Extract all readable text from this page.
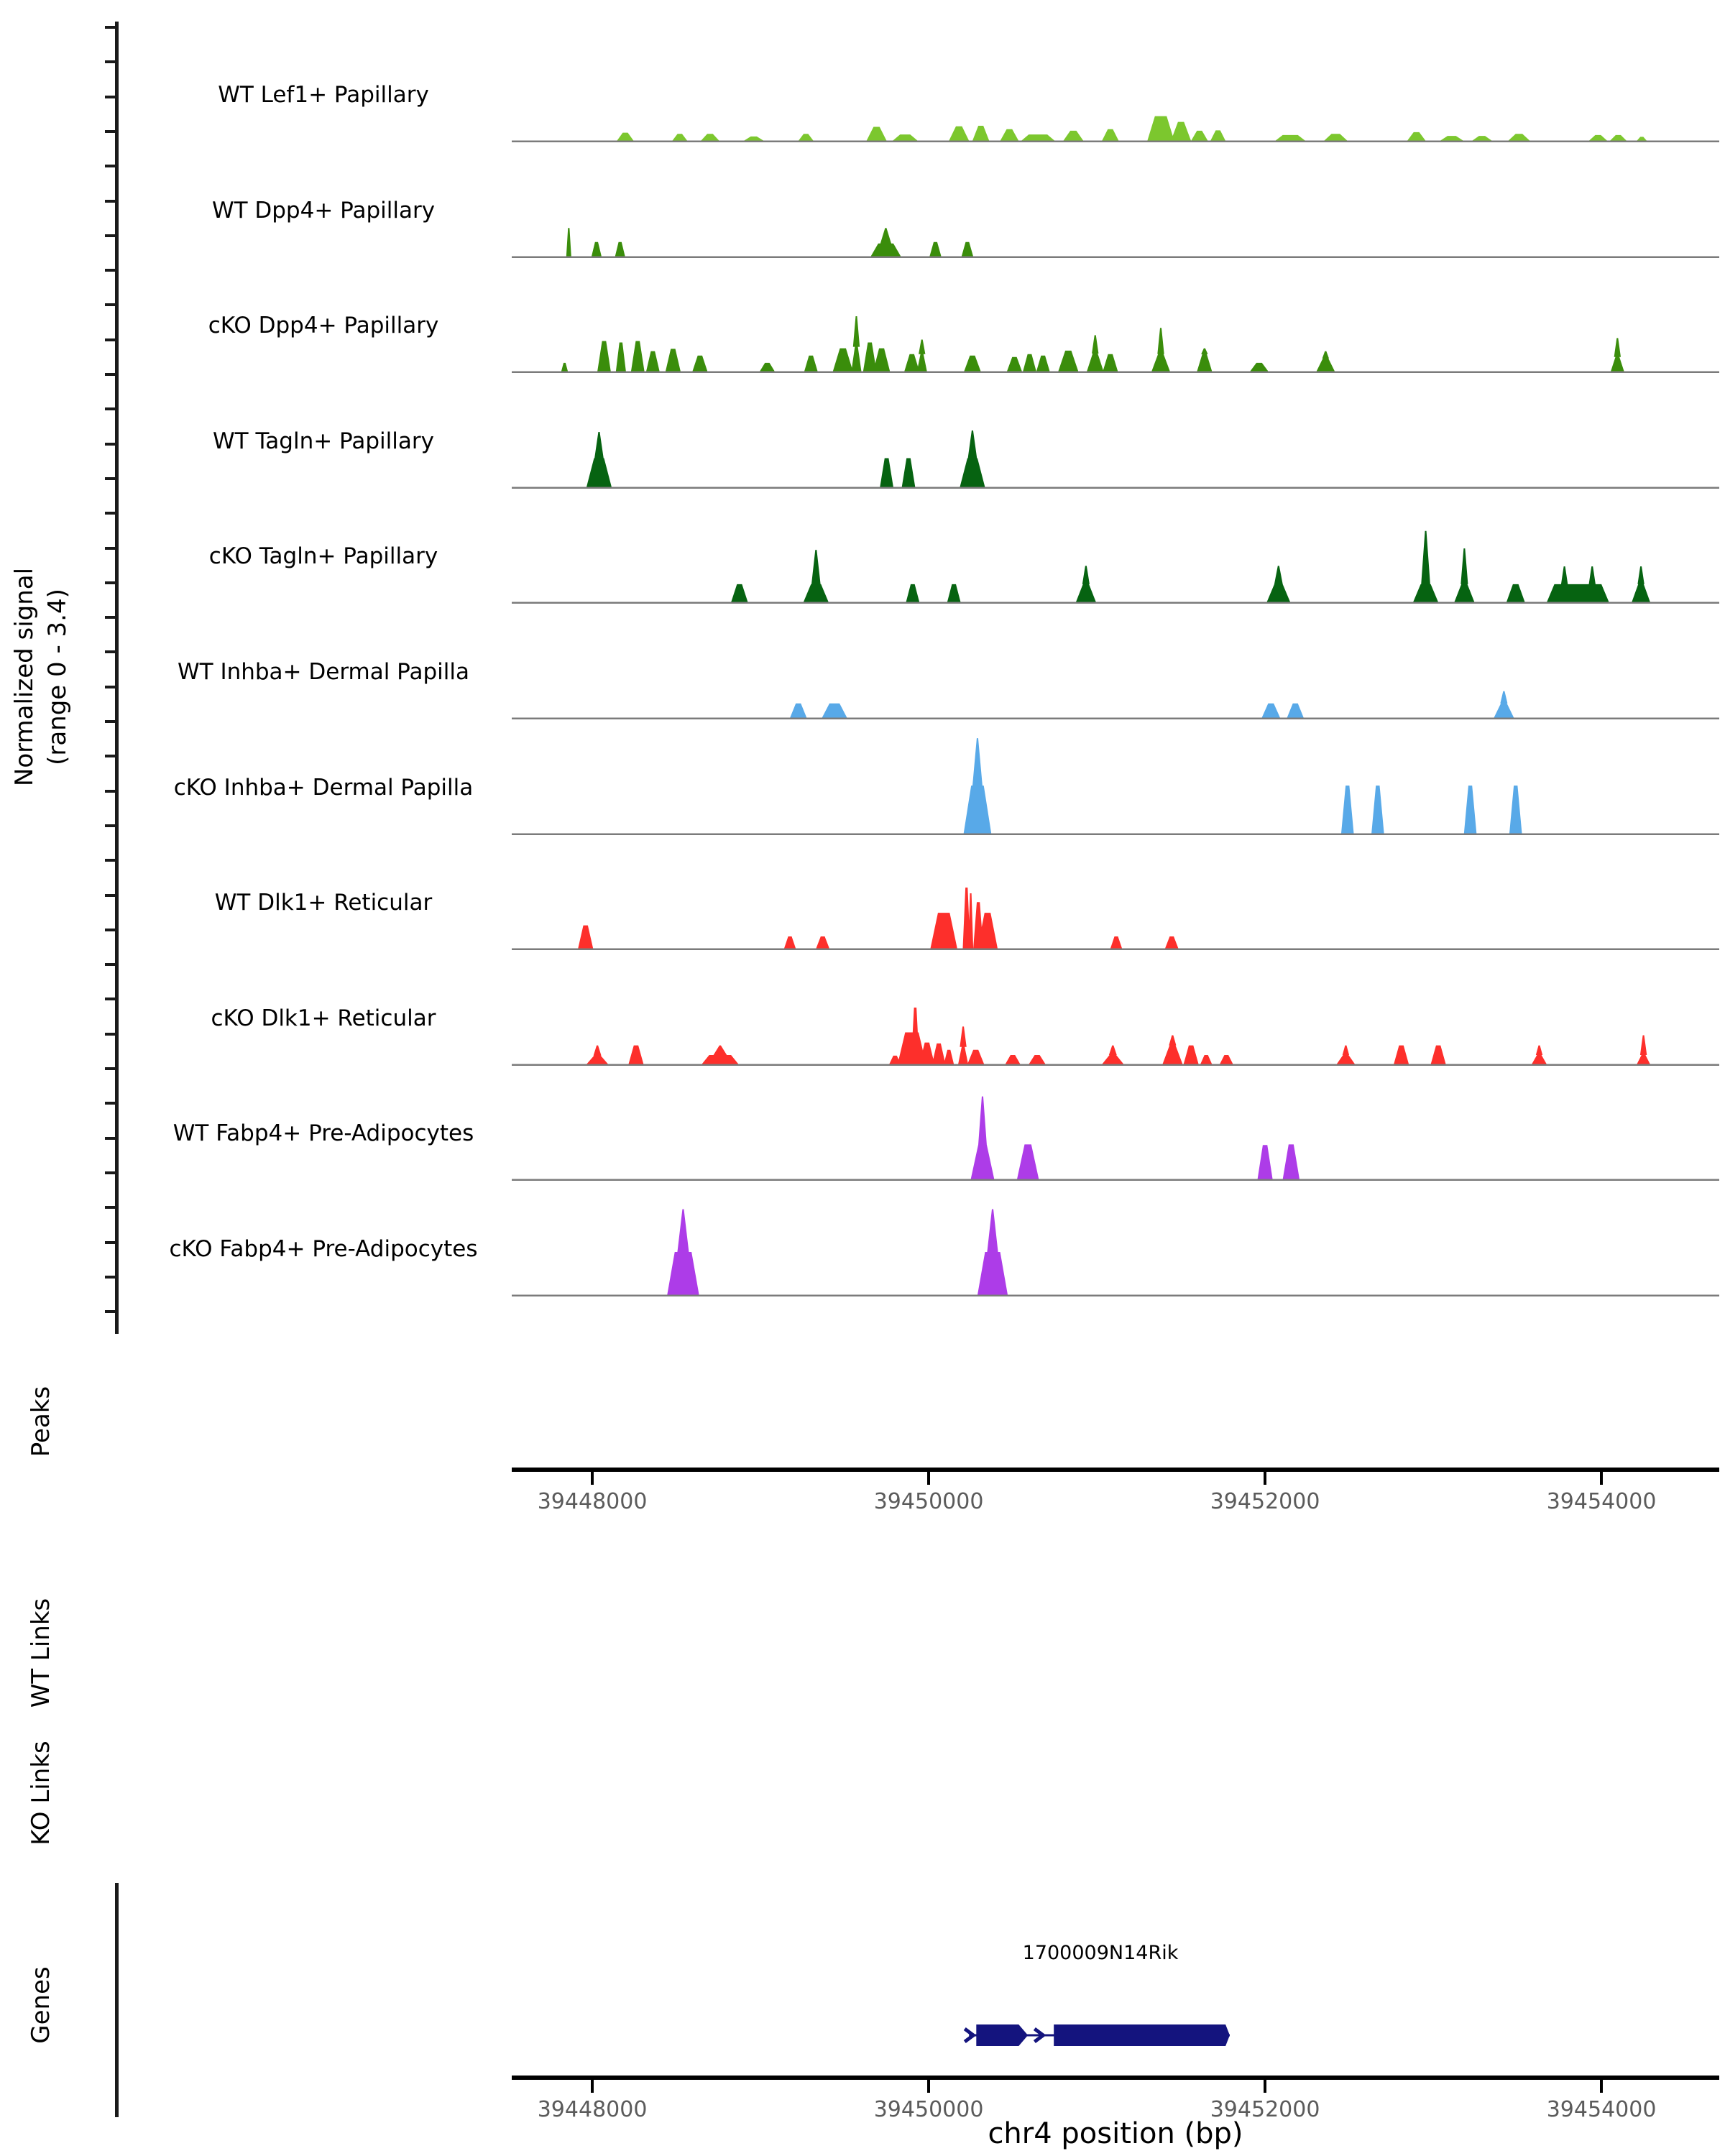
Normalized signal (range 0 - 3.4)
WT Lef1+ Papillary
WT Dpp4+ Papillary
cKO Dpp4+ Papillary
WT Tagln+ Papillary
cKO Tagln+ Papillary
WT Inhba+ Dermal Papilla
cKO Inhba+ Dermal Papilla
WT Dlk1+ Reticular
cKO Dlk1+ Reticular
WT Fabp4+ Pre-Adipocytes
cKO Fabp4+ Pre-Adipocytes
39448000	39450000	39452000	39454000
Peaks
WT Links
KO Links
Genes
1700009N14Rik
39448000	39450000	39452000	39454000
chr4 position (bp)
